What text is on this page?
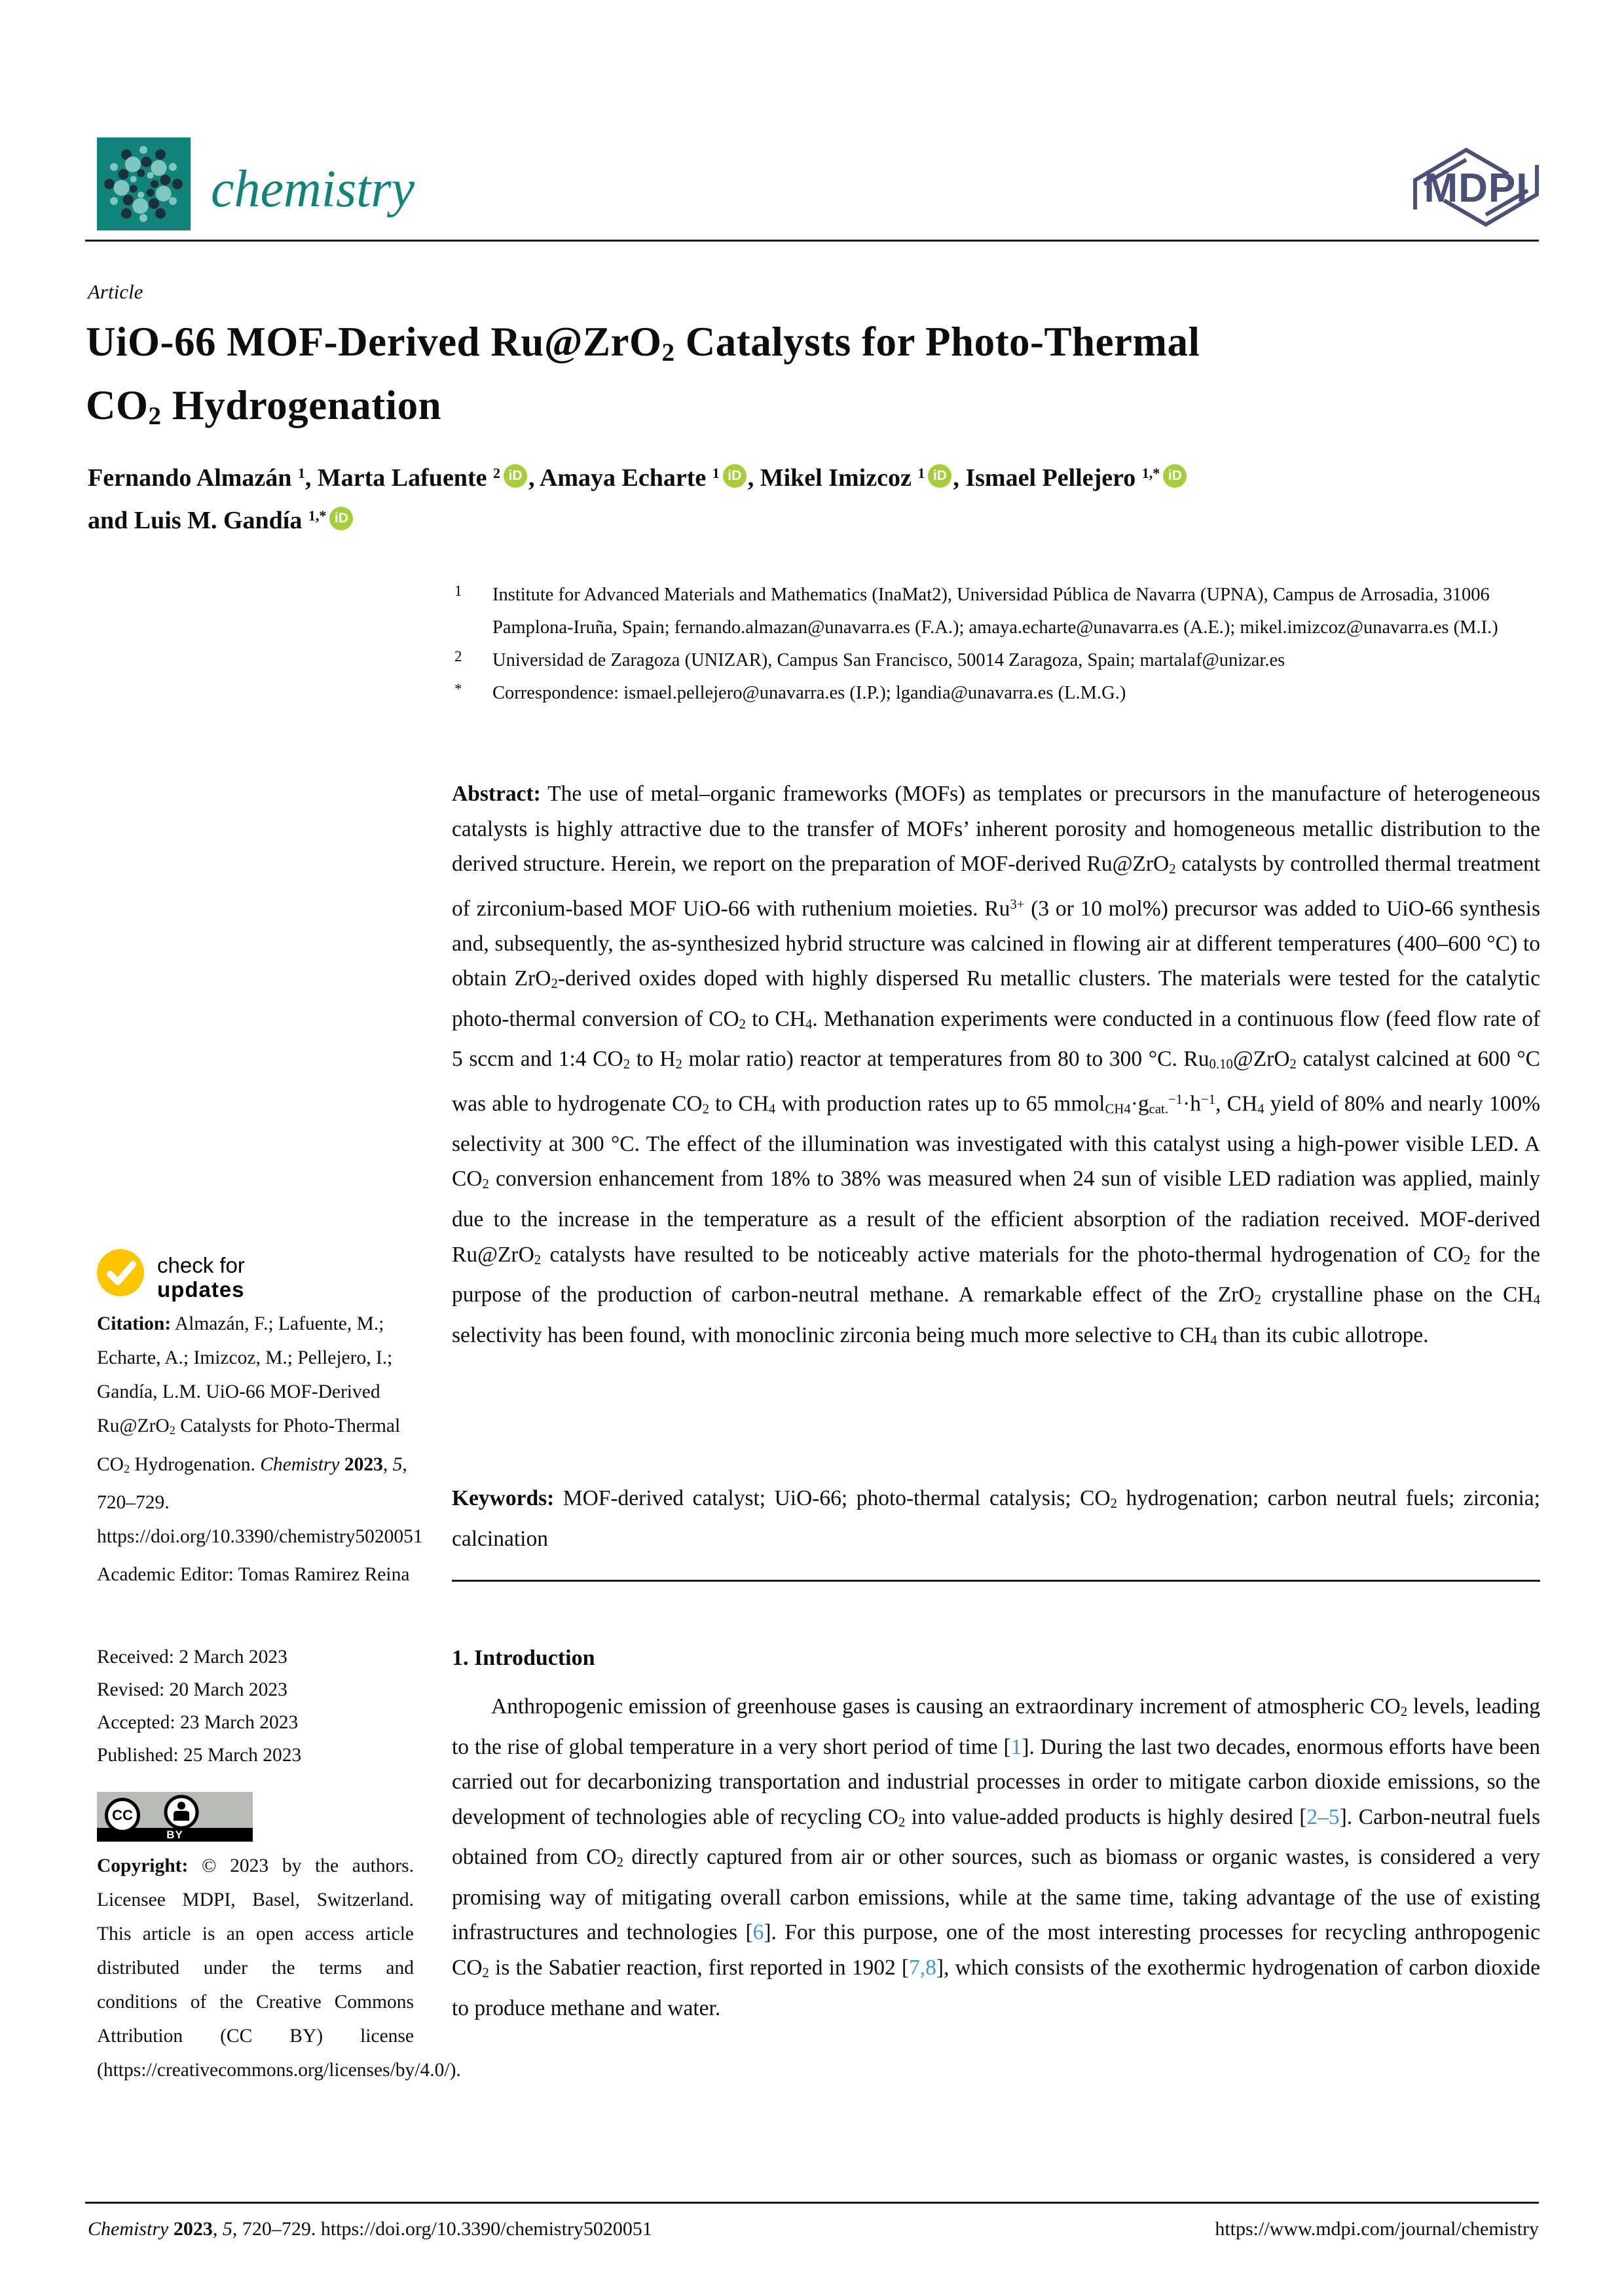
chemistry	MDPI
Article
UiO-66 MOF-Derived Ru@ZrO$_2$ Catalysts for Photo-Thermal
$CO_2$ Hydrogenation
Fernando Almazán $^1$, Marta Lafuente $^2$ iD , Amaya Echarte $^1$ iD , Mikel Imizcoz $^1$ iD , Ismael Pellejero $^{1,*}$ iD
and Luis M. Gandía $^{1,*}$ iD
1 Institute for Advanced Materials and Mathematics (InaMat2), Universidad Pública de Navarra (UPNA), Campus de Arrosadia, 31006 Pamplona-Iruña, Spain; fernando.almazan@unavarra.es (F.A.); amaya.echarte@unavarra.es (A.E.); mikel.imizcoz@unavarra.es (M.I.)
2 Universidad de Zaragoza (UNIZAR), Campus San Francisco, 50014 Zaragoza, Spain; martalaf@unizar.es
* Correspondence: ismael.pellejero@unavarra.es (I.P.); lgandia@unavarra.es (L.M.G.)
Abstract: The use of metal–organic frameworks (MOFs) as templates or precursors in the manufacture of heterogeneous catalysts is highly attractive due to the transfer of MOFs’ inherent porosity and homogeneous metallic distribution to the derived structure. Herein, we report on the preparation of MOF-derived Ru@ZrO$_2$ catalysts by controlled thermal treatment of zirconium-based MOF UiO-66 with ruthenium moieties. $Ru^{3+}$ (3 or 10 mol%) precursor was added to UiO-66 synthesis and, subsequently, the as-synthesized hybrid structure was calcined in flowing air at different temperatures (400–600 °C) to obtain ZrO$_2$-derived oxides doped with highly dispersed Ru metallic clusters. The materials were tested for the catalytic photo-thermal conversion of $CO_2$ to $CH_4$. Methanation experiments were conducted in a continuous flow (feed flow rate of 5 sccm and 1:4 $CO_2$ to $H_2$ molar ratio) reactor at temperatures from 80 to 300 °C. $Ru_{0.10}@ZrO_2$ catalyst calcined at 600 °C was able to hydrogenate $CO_2$ to $CH_4$ with production rates up to 65 $mmol_{CH4}\cdot g_{cat.}^{-1}\cdot h^{-1}$, $CH_4$ yield of 80% and nearly 100% selectivity at 300 °C. The effect of the illumination was investigated with this catalyst using a high-power visible LED. A $CO_2$ conversion enhancement from 18% to 38% was measured when 24 sun of visible LED radiation was applied, mainly due to the increase in the temperature as a result of the efficient absorption of the radiation received. MOF-derived Ru@ZrO$_2$ catalysts have resulted to be noticeably active materials for the photo-thermal hydrogenation of $CO_2$ for the purpose of the production of carbon-neutral methane. A remarkable effect of the ZrO$_2$ crystalline phase on the $CH_4$ selectivity has been found, with monoclinic zirconia being much more selective to $CH_4$ than its cubic allotrope.
Keywords: MOF-derived catalyst; UiO-66; photo-thermal catalysis; $CO_2$ hydrogenation; carbon neutral fuels; zirconia; calcination
check for
updates
Citation: Almazán, F.; Lafuente, M.; Echarte, A.; Imizcoz, M.; Pellejero, I.; Gandía, L.M. UiO-66 MOF-Derived Ru@ZrO$_2$ Catalysts for Photo-Thermal $CO_2$ Hydrogenation. Chemistry 2023, 5, 720–729. https://doi.org/10.3390/chemistry5020051
Academic Editor: Tomas Ramirez Reina
Received: 2 March 2023
Revised: 20 March 2023
Accepted: 23 March 2023
Published: 25 March 2023
BY
CC
Copyright: © 2023 by the authors. Licensee MDPI, Basel, Switzerland. This article is an open access article distributed under the terms and conditions of the Creative Commons Attribution (CC BY) license (https://creativecommons.org/licenses/by/4.0/).
1. Introduction

Anthropogenic emission of greenhouse gases is causing an extraordinary increment of atmospheric $CO_2$ levels, leading to the rise of global temperature in a very short period of time [1]. During the last two decades, enormous efforts have been carried out for decarbonizing transportation and industrial processes in order to mitigate carbon dioxide emissions, so the development of technologies able of recycling $CO_2$ into value-added products is highly desired [2–5]. Carbon-neutral fuels obtained from $CO_2$ directly captured from air or other sources, such as biomass or organic wastes, is considered a very promising way of mitigating overall carbon emissions, while at the same time, taking advantage of the use of existing infrastructures and technologies [6]. For this purpose, one of the most interesting processes for recycling anthropogenic $CO_2$ is the Sabatier reaction, first reported in 1902 [7,8], which consists of the exothermic hydrogenation of carbon dioxide to produce methane and water.

Chemistry 2023, 5, 720–729. https://doi.org/10.3390/chemistry5020051	https://www.mdpi.com/journal/chemistry
